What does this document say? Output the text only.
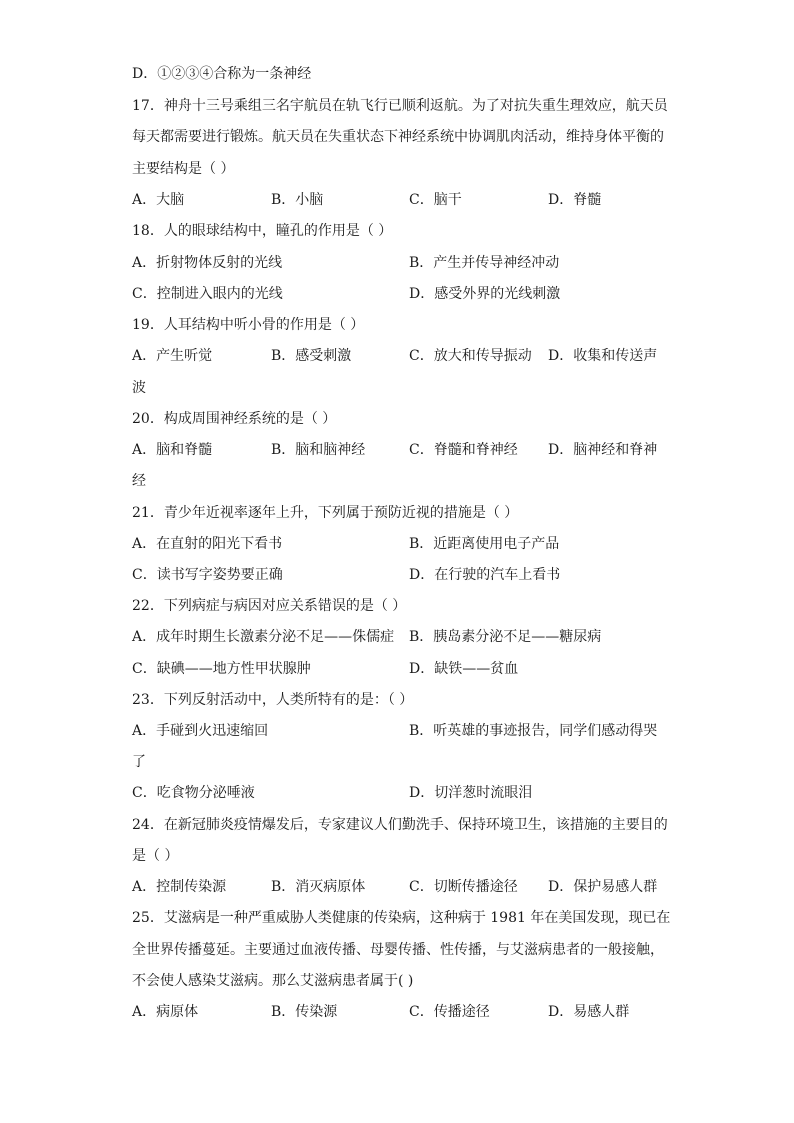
D．①②③④合称为一条神经
17．神舟十三号乘组三名宇航员在轨飞行已顺利返航。为了对抗失重生理效应，航天员
每天都需要进行锻炼。航天员在失重状态下神经系统中协调肌肉活动，维持身体平衡的
主要结构是（ ）
A．大脑	B．小脑	C．脑干	D．脊髓
18．人的眼球结构中，瞳孔的作用是（ ）
A．折射物体反射的光线	B．产生并传导神经冲动
C．控制进入眼内的光线	D．感受外界的光线刺激
19．人耳结构中听小骨的作用是（ ）
A．产生听觉	B．感受刺激	C．放大和传导振动 D．收集和传送声
波
20．构成周围神经系统的是（ ）
A．脑和脊髓	B．脑和脑神经	C．脊髓和脊神经 D．脑神经和脊神
经
21．青少年近视率逐年上升，下列属于预防近视的措施是（ ）
A．在直射的阳光下看书	B．近距离使用电子产品
C．读书写字姿势要正确	D．在行驶的汽车上看书
22．下列病症与病因对应关系错误的是（ ）
A．成年时期生长激素分泌不足——侏儒症 B．胰岛素分泌不足——糖尿病
C．缺碘——地方性甲状腺肿	D．缺铁——贫血
23．下列反射活动中，人类所特有的是：（ ）
A．手碰到火迅速缩回	B．听英雄的事迹报告，同学们感动得哭
了
C．吃食物分泌唾液	D．切洋葱时流眼泪
24．在新冠肺炎疫情爆发后，专家建议人们勤洗手、保持环境卫生，该措施的主要目的
是（ ）
A．控制传染源	B．消灭病原体	C．切断传播途径 D．保护易感人群
25．艾滋病是一种严重威胁人类健康的传染病，这种病于 1981 年在美国发现，现已在
全世界传播蔓延。主要通过血液传播、母婴传播、性传播，与艾滋病患者的一般接触，
不会使人感染艾滋病。那么艾滋病患者属于( )
A．病原体	B．传染源	C．传播途径	D．易感人群
